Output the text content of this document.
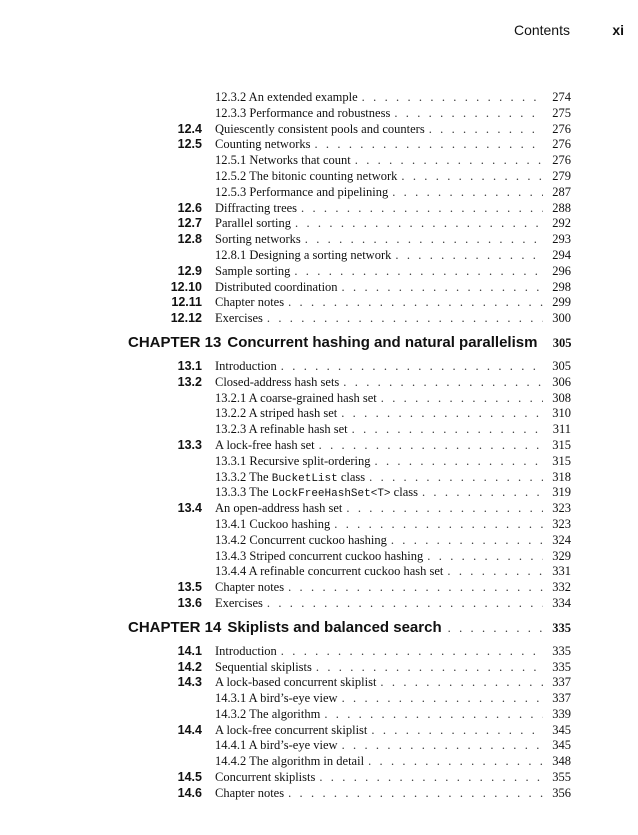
Contents	xi
12.3.2 An extended example . . .	274
12.3.3 Performance and robustness . . .	275
12.4 Quiescently consistent pools and counters . . .	276
12.5 Counting networks . . .	276
12.5.1 Networks that count . . .	276
12.5.2 The bitonic counting network . . .	279
12.5.3 Performance and pipelining . . .	287
12.6 Diffracting trees . . .	288
12.7 Parallel sorting . . .	292
12.8 Sorting networks . . .	293
12.8.1 Designing a sorting network . . .	294
12.9 Sample sorting . . .	296
12.10 Distributed coordination . . .	298
12.11 Chapter notes . . .	299
12.12 Exercises . . .	300
CHAPTER 13 Concurrent hashing and natural parallelism 305
13.1 Introduction . . .	305
13.2 Closed-address hash sets . . .	306
13.2.1 A coarse-grained hash set . . .	308
13.2.2 A striped hash set . . .	310
13.2.3 A refinable hash set . . .	311
13.3 A lock-free hash set . . .	315
13.3.1 Recursive split-ordering . . .	315
13.3.2 The BucketList class . . .	318
13.3.3 The LockFreeHashSet<T> class . . .	319
13.4 An open-address hash set . . .	323
13.4.1 Cuckoo hashing . . .	323
13.4.2 Concurrent cuckoo hashing . . .	324
13.4.3 Striped concurrent cuckoo hashing . . .	329
13.4.4 A refinable concurrent cuckoo hash set . . .	331
13.5 Chapter notes . . .	332
13.6 Exercises . . .	334
CHAPTER 14 Skiplists and balanced search . . .	335
14.1 Introduction . . .	335
14.2 Sequential skiplists . . .	335
14.3 A lock-based concurrent skiplist . . .	337
14.3.1 A bird’s-eye view . . .	337
14.3.2 The algorithm . . .	339
14.4 A lock-free concurrent skiplist . . .	345
14.4.1 A bird’s-eye view . . .	345
14.4.2 The algorithm in detail . . .	348
14.5 Concurrent skiplists . . .	355
14.6 Chapter notes . . .	356
